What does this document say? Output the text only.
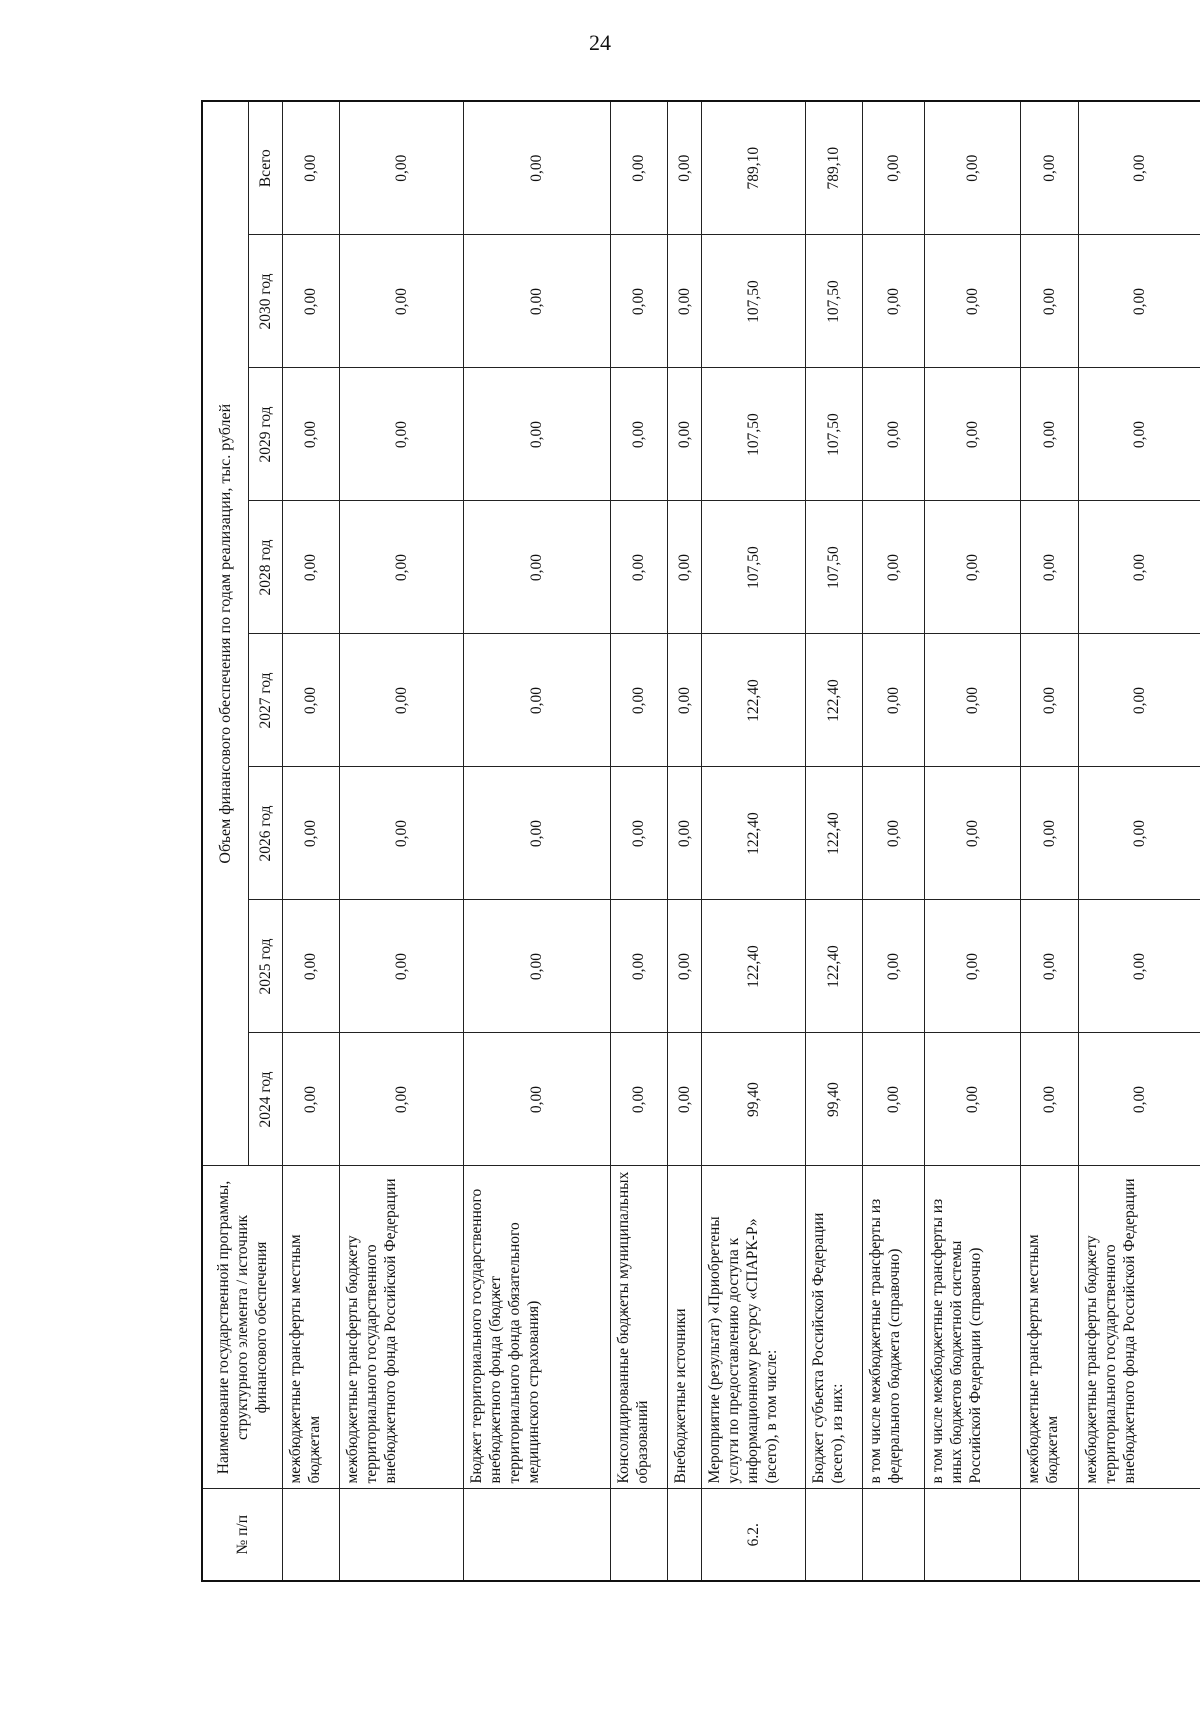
24
№ п/п	Наименование государственной программы, структурного элемента / источник финансового обеспечения	Объем финансового обеспечения по годам реализации, тыс. рублей							
		2024 год	2025 год	2026 год	2027 год	2028 год	2029 год	2030 год	Всего
	межбюджетные трансферты местным бюджетам	0,00	0,00	0,00	0,00	0,00	0,00	0,00	0,00
	межбюджетные трансферты бюджету территориального государственного внебюджетного фонда Российской Федерации	0,00	0,00	0,00	0,00	0,00	0,00	0,00	0,00
	Бюджет территориального государственного внебюджетного фонда (бюджет территориального фонда обязательного медицинского страхования)	0,00	0,00	0,00	0,00	0,00	0,00	0,00	0,00
	Консолидированные бюджеты муниципальных образований	0,00	0,00	0,00	0,00	0,00	0,00	0,00	0,00
	Внебюджетные источники	0,00	0,00	0,00	0,00	0,00	0,00	0,00	0,00
6.2.	Мероприятие (результат) «Приобретены услуги по предоставлению доступа к информационному ресурсу «СПАРК-Р» (всего), в том числе:	99,40	122,40	122,40	122,40	107,50	107,50	107,50	789,10
	Бюджет субъекта Российской Федерации (всего), из них:	99,40	122,40	122,40	122,40	107,50	107,50	107,50	789,10
	в том числе межбюджетные трансферты из федерального бюджета (справочно)	0,00	0,00	0,00	0,00	0,00	0,00	0,00	0,00
	в том числе межбюджетные трансферты из иных бюджетов бюджетной системы Российской Федерации (справочно)	0,00	0,00	0,00	0,00	0,00	0,00	0,00	0,00
	межбюджетные трансферты местным бюджетам	0,00	0,00	0,00	0,00	0,00	0,00	0,00	0,00
	межбюджетные трансферты бюджету территориального государственного внебюджетного фонда Российской Федерации	0,00	0,00	0,00	0,00	0,00	0,00	0,00	0,00
